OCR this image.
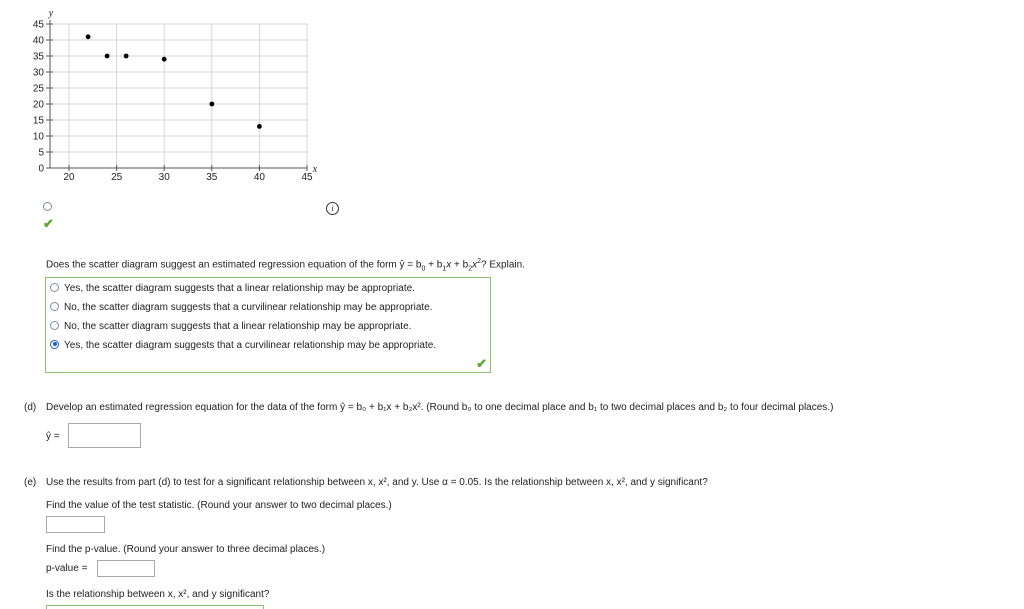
0
5
10
15
20
25
30
35
40
45
20	25	30	35	40	45
y
x
✔
i
Does the scatter diagram suggest an estimated regression equation of the form ŷ = $b_0 + b_1x + b_2x^2$? Explain.
Yes, the scatter diagram suggests that a linear relationship may be appropriate.
No, the scatter diagram suggests that a curvilinear relationship may be appropriate.
No, the scatter diagram suggests that a linear relationship may be appropriate.
Yes, the scatter diagram suggests that a curvilinear relationship may be appropriate.
✔
(d) Develop an estimated regression equation for the data of the form ŷ = b₀ + b₁x + b₂x². (Round b₀ to one decimal place and b₁ to two decimal places and b₂ to four decimal places.)
ŷ =
(e) Use the results from part (d) to test for a significant relationship between x, x², and y. Use α = 0.05. Is the relationship between x, x², and y significant?
Find the value of the test statistic. (Round your answer to two decimal places.)
Find the p-value. (Round your answer to three decimal places.)
p-value =
Is the relationship between x, x², and y significant?
